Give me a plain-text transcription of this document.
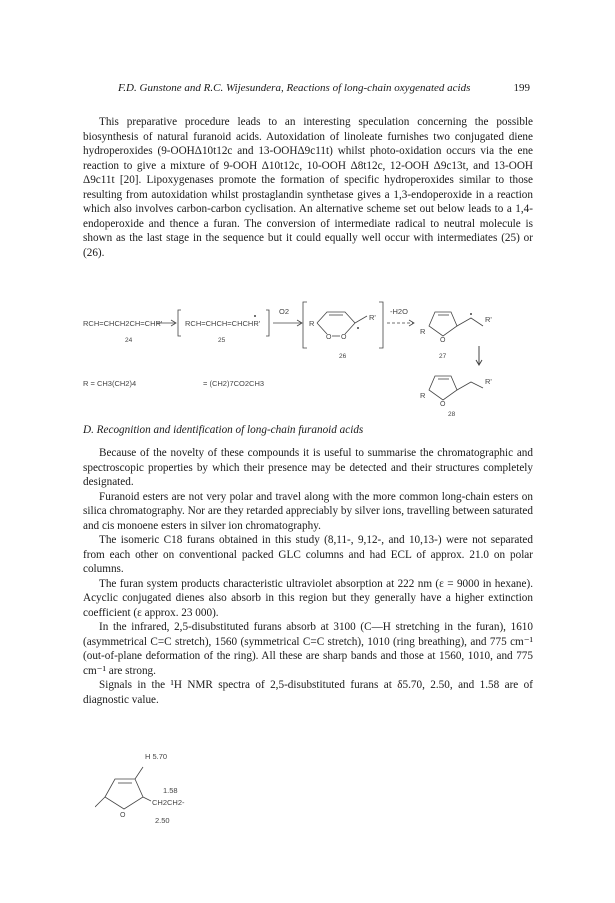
F.D. Gunstone and R.C. Wijesundera, Reactions of long-chain oxygenated acids	199

This preparative procedure leads to an interesting speculation concerning the possible biosynthesis of natural furanoid acids. Autoxidation of linoleate furnishes two conjugated diene hydroperoxides (9-OOHΔ10t12c and 13-OOHΔ9c11t) whilst photo-oxidation occurs via the ene reaction to give a mixture of 9-OOH Δ10t12c, 10-OOH Δ8t12c, 12-OOH Δ9c13t, and 13-OOH Δ9c11t [20]. Lipoxygenases promote the formation of specific hydroperoxides similar to those resulting from autoxidation whilst prostaglandin synthetase gives a 1,3-endoperoxide in a reaction which also involves carbon-carbon cyclisation. An alternative scheme set out below leads to a 1,4-endoperoxide and thence a furan. The conversion of intermediate radical to neutral molecule is shown as the last stage in the sequence but it could equally well occur with intermediates (25) or (26).

RCH=CHCH2CH=CHR'
24
RCH=CHCH=CHCHR'
25
O2
R
O O
R'
26
-H2O
R
O
R'
27
R
O
R'
28
R = CH3(CH2)4	= (CH2)7CO2CH3
D. Recognition and identification of long-chain furanoid acids

Because of the novelty of these compounds it is useful to summarise the chromatographic and spectroscopic properties by which their presence may be detected and their structures completely designated.

Furanoid esters are not very polar and travel along with the more common long-chain esters on silica chromatography. Nor are they retarded appreciably by silver ions, travelling between saturated and cis monoene esters in silver ion chromatography.

The isomeric C18 furans obtained in this study (8,11-, 9,12-, and 10,13-) were not separated from each other on conventional packed GLC columns and had ECL of approx. 21.0 on polar columns.

The furan system products characteristic ultraviolet absorption at 222 nm (ε = 9000 in hexane). Acyclic conjugated dienes also absorb in this region but they generally have a higher extinction coefficient (ε approx. 23 000).

In the infrared, 2,5-disubstituted furans absorb at 3100 (C—H stretching in the furan), 1610 (asymmetrical C=C stretch), 1560 (symmetrical C=C stretch), 1010 (ring breathing), and 775 cm⁻¹ (out-of-plane deformation of the ring). All these are sharp bands and those at 1560, 1010, and 775 cm⁻¹ are strong.

Signals in the ¹H NMR spectra of 2,5-disubstituted furans at δ5.70, 2.50, and 1.58 are of diagnostic value.

H 5.70
O
1.58
CH2CH2-
2.50
